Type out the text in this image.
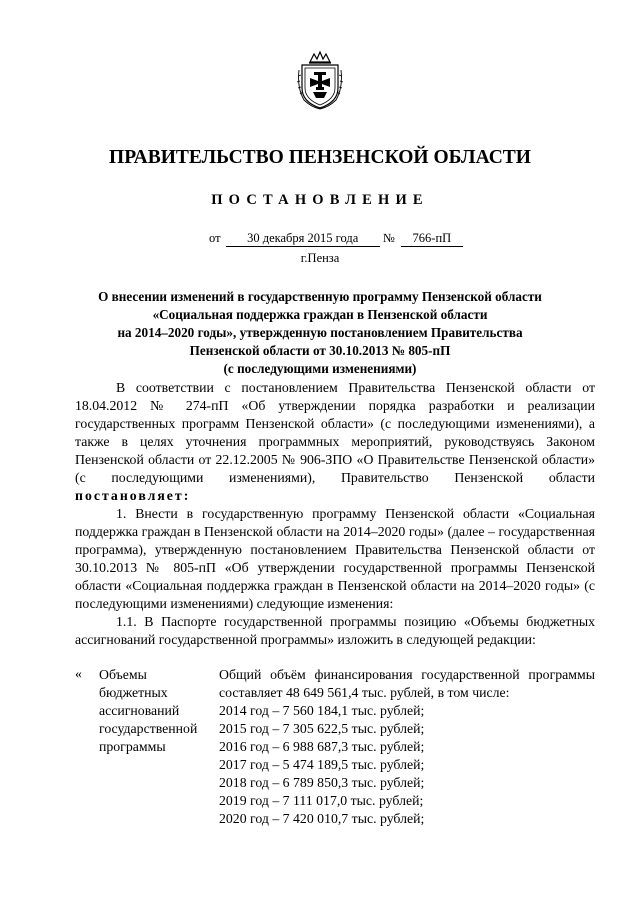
ПРАВИТЕЛЬСТВО ПЕНЗЕНСКОЙ ОБЛАСТИ
ПОСТАНОВЛЕНИЕ
от 30 декабря 2015 года № 766-пП
г.Пенза
О внесении изменений в государственную программу Пензенской области
«Социальная поддержка граждан в Пензенской области
на 2014–2020 годы», утвержденную постановлением Правительства
Пензенской области от 30.10.2013 № 805-пП
(с последующими изменениями)

В соответствии с постановлением Правительства Пензенской области от 18.04.2012 № 274-пП «Об утверждении порядка разработки и реализации государственных программ Пензенской области» (с последующими изменениями), а также в целях уточнения программных мероприятий, руководствуясь Законом Пензенской области от 22.12.2005 № 906-ЗПО «О Правительстве Пензенской области» (с последующими изменениями), Правительство Пензенской области постановляет:

1. Внести в государственную программу Пензенской области «Социальная поддержка граждан в Пензенской области на 2014–2020 годы» (далее – государственная программа), утвержденную постановлением Правительства Пензенской области от 30.10.2013 № 805-пП «Об утверждении государственной программы Пензенской области «Социальная поддержка граждан в Пензенской области на 2014–2020 годы» (с последующими изменениями) следующие изменения:

1.1. В Паспорте государственной программы позицию «Объемы бюджетных ассигнований государственной программы» изложить в следующей редакции:

« Объемы
бюджетных
ассигнований
государственной
программы

Общий объём финансирования государственной программы составляет 48 649 561,4 тыс. рублей, в том числе:

2014 год – 7 560 184,1 тыс. рублей;
2015 год – 7 305 622,5 тыс. рублей;
2016 год – 6 988 687,3 тыс. рублей;
2017 год – 5 474 189,5 тыс. рублей;
2018 год – 6 789 850,3 тыс. рублей;
2019 год – 7 111 017,0 тыс. рублей;
2020 год – 7 420 010,7 тыс. рублей;
